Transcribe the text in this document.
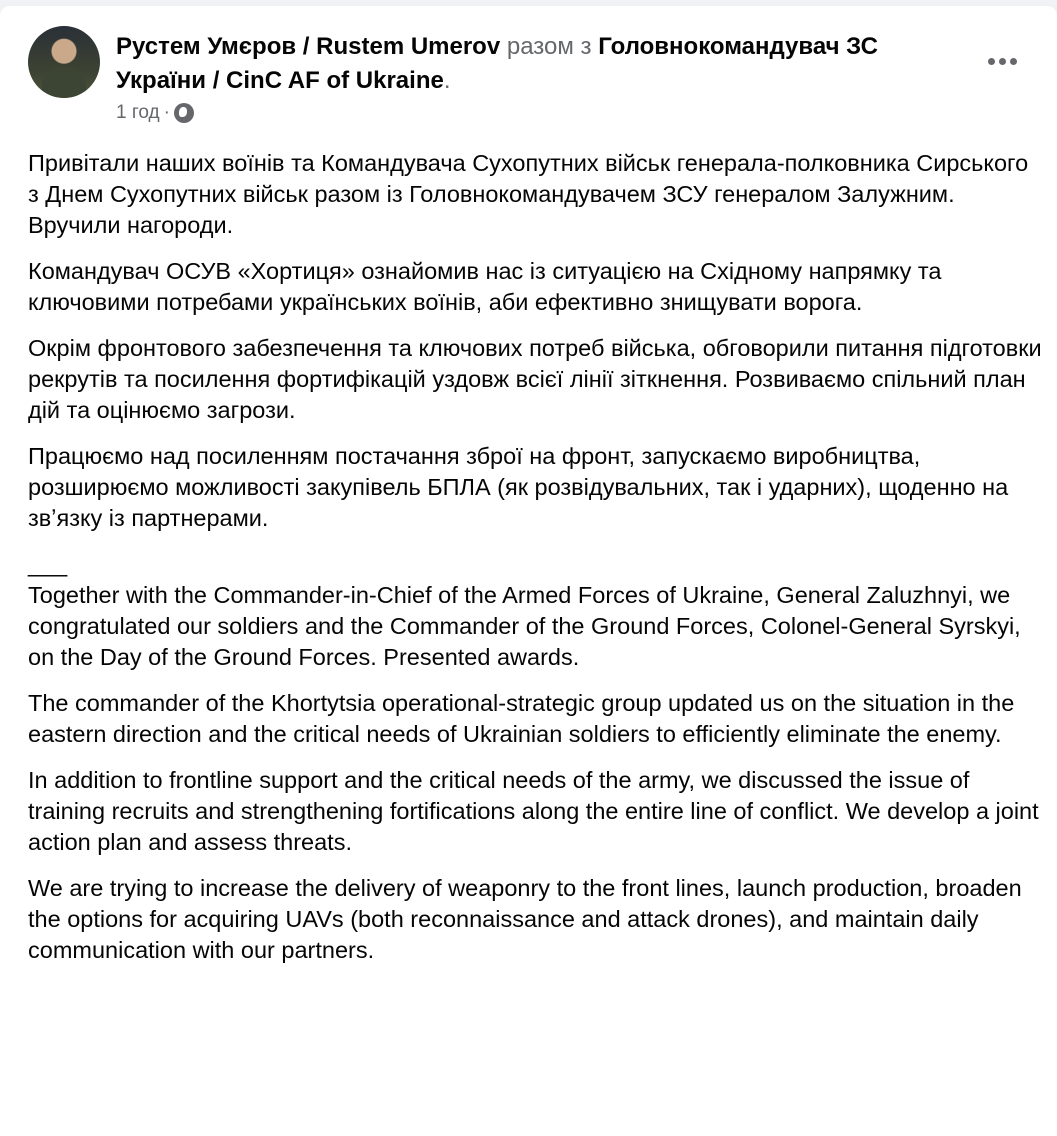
Рустем Умєров / Rustem Umerov разом з Головнокомандувач ЗС України / CinC AF of Ukraine.
1 год ·

Привітали наших воїнів та Командувача Сухопутних військ генерала-полковника Сирського з Днем Сухопутних військ разом із Головнокомандувачем ЗСУ генералом Залужним. Вручили нагороди.

Командувач ОСУВ «Хортиця» ознайомив нас із ситуацією на Східному напрямку та ключовими потребами українських воїнів, аби ефективно знищувати ворога.

Окрім фронтового забезпечення та ключових потреб війська, обговорили питання підготовки рекрутів та посилення фортифікацій уздовж всієї лінії зіткнення. Розвиваємо спільний план дій та оцінюємо загрози.

Працюємо над посиленням постачання зброї на фронт, запускаємо виробництва, розширюємо можливості закупівель БПЛА (як розвідувальних, так і ударних), щоденно на звʼязку із партнерами.

___

Together with the Commander-in-Chief of the Armed Forces of Ukraine, General Zaluzhnyi, we congratulated our soldiers and the Commander of the Ground Forces, Colonel-General Syrskyi, on the Day of the Ground Forces. Presented awards.

The commander of the Khortytsia operational-strategic group updated us on the situation in the eastern direction and the critical needs of Ukrainian soldiers to efficiently eliminate the enemy.

In addition to frontline support and the critical needs of the army, we discussed the issue of training recruits and strengthening fortifications along the entire line of conflict. We develop a joint action plan and assess threats.

We are trying to increase the delivery of weaponry to the front lines, launch production, broaden the options for acquiring UAVs (both reconnaissance and attack drones), and maintain daily communication with our partners.
